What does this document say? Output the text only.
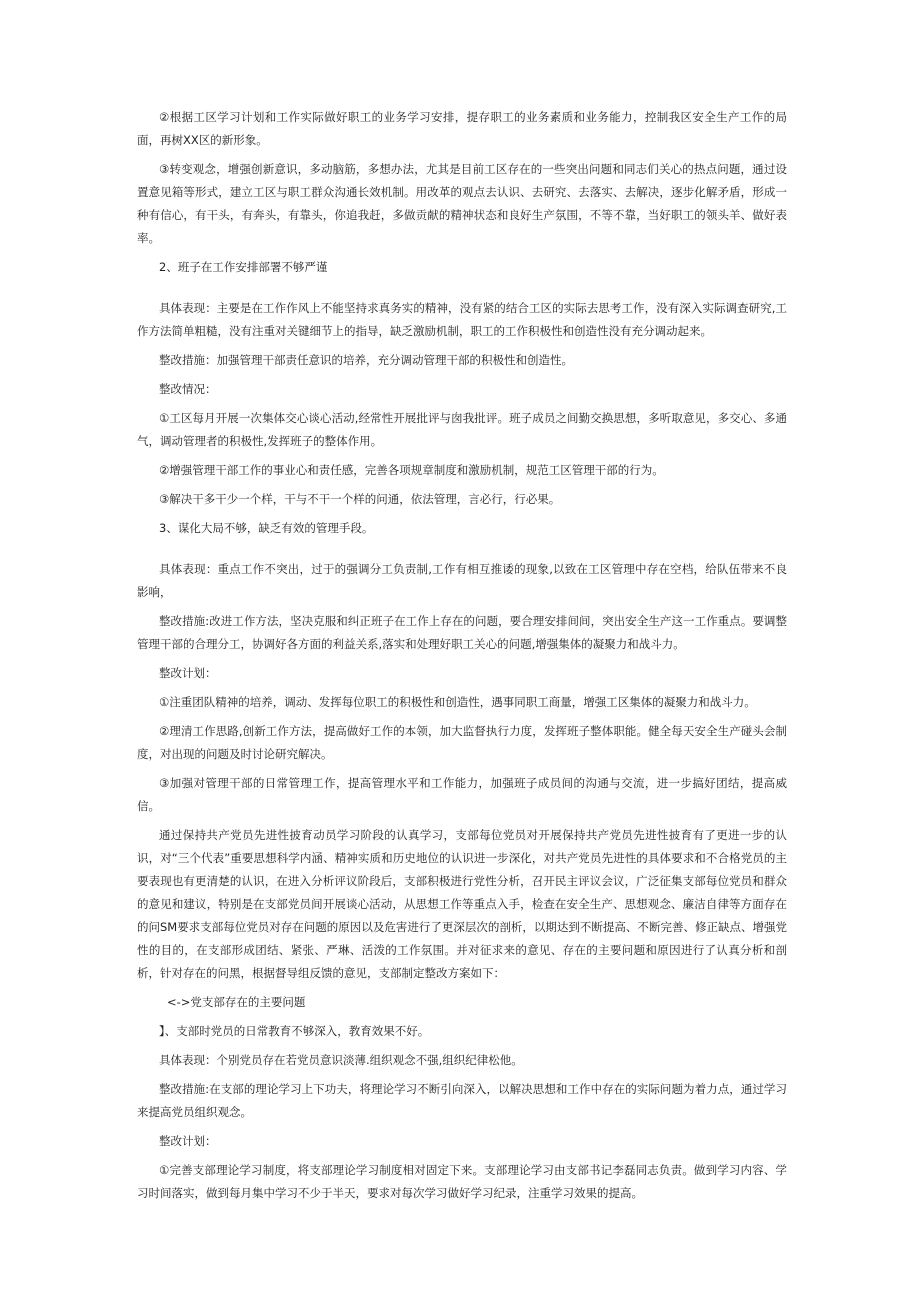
②根据工区学习计划和工作实际做好职工的业务学习安排，提存职工的业务素质和业务能力，控制我区安全生产工作的局面，再树XX区的新形象。

③转变观念，增强创新意识，多动脑筋，多想办法，尤其是目前工区存在的一些突出问题和同志们关心的热点问题，通过设置意见箱等形式，建立工区与职工群众沟通长效机制。用改革的观点去认识、去研究、去落实、去解决，逐步化解矛盾，形成一种有信心，有干头，有奔头，有靠头，你追我赶，多做贡献的精神状态和良好生产氛围，不等不靠，当好职工的领头羊、做好表率。

2、班子在工作安排部署不够严谨

具体表现：主要是在工作作风上不能坚持求真务实的精神，没有紧的结合工区的实际去思考工作，没有深入实际调查研究,工作方法简单粗糙，没有注重对关键细节上的指导，缺乏激励机制，职工的工作积极性和创造性没有充分调动起来。

整改措施：加强管理干部责任意识的培养，充分调动管理干部的积极性和创造性。

整改情况：

①工区每月开展一次集体交心谈心活动,经常性开展批评与囱我批评。班子成员之间勤交换思想，多听取意见，多交心、多通气，调动管理者的积极性,发挥班子的整体作用。

②增强管理干部工作的事业心和责任感，完善各项规章制度和激励机制，规范工区管理干部的行为。

③解决干多干少一个样，干与不干一个样的问通，依法管理，言必行，行必果。

3、谋化大局不够，缺乏有效的管理手段。

具体表现：重点工作不突出，过于的强调分工负责制,工作有相互推诿的现象,以致在工区管理中存在空档，给队伍带来不良影响，

整改措施:改进工作方法，坚决克服和纠正班子在工作上存在的问题，要合理安排间间，突出安全生产这一工作重点。要调整管理干部的合理分工，协调好各方面的利益关系,落实和处理好职工关心的问题,增强集体的凝聚力和战斗力。

整改计划：

①注重团队精神的培养，调动、发挥每位职工的积极性和创造性，遇事同职工商量，增强工区集体的凝聚力和战斗力。

②理清工作思路,创新工作方法，提高做好工作的本领，加大监督执行力度，发挥班子整体职能。健全每天安全生产碰头会制度，对出现的问题及时讨论研究解决。

③加强对管理干部的日常管理工作，提高管理水平和工作能力，加强班子成员间的沟通与交流，进一步搞好团结，提高威信。

通过保持共产党员先进性披育动员学习阶段的认真学习，支部每位党员对开展保持共产党员先进性披育有了更进一步的认识，对“三个代表”重要思想科学内涵、精神实质和历史地位的认识进一步深化，对共产党员先进性的具体要求和不合格党员的主要表现也有更清楚的认识，在进入分析评议阶段后，支部积极进行党性分析，召开民主评议会议，广泛征集支部每位党员和群众的意见和建议，特别是在支部党员间开展谈心活动，从思想工作等重点入手，检查在安全生产、思想观念、廉洁自律等方面存在的问SM要求支部每位党员对存在问题的原因以及危害进行了更深层次的剖析，以期达到不断提高、不断完善、修正缺点、增强党性的目的，在支部形成团结、紧张、严琳、活泼的工作氛围。并对征求来的意见、存在的主要问题和原因进行了认真分析和剖析，针对存在的问黑，根据督导组反馈的意见，支部制定整改方案如下：

<->党支部存在的主要问题

】、支部时党员的日常教育不够深入，教育效果不好。

具体表现：个别党员存在若党员意识淡薄.组织观念不强,组织纪律松他。

整改措施:在支部的理论学习上下功夫，将理论学习不断引向深入，以解决思想和工作中存在的实际问题为着力点，通过学习来提高党员组织观念。

整改计划：

①完善支部理论学习制度，将支部理论学习制度相对固定下来。支部理论学习由支部书记李磊同志负责。做到学习内容、学习时间落实，做到每月集中学习不少于半天，要求对每次学习做好学习纪录，注重学习效果的提高。
